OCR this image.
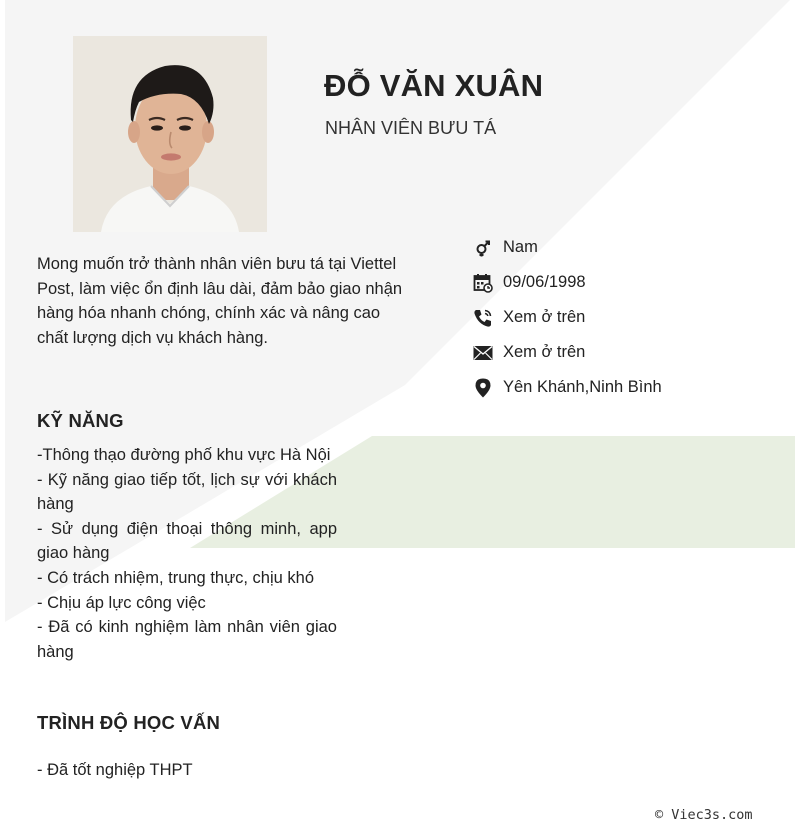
ĐỖ VĂN XUÂN
NHÂN VIÊN BƯU TÁ
Mong muốn trở thành nhân viên bưu tá tại Viettel Post, làm việc ổn định lâu dài, đảm bảo giao nhận hàng hóa nhanh chóng, chính xác và nâng cao chất lượng dịch vụ khách hàng.
Nam
09/06/1998
Xem ở trên
Xem ở trên
Yên Khánh,Ninh Bình
KỸ NĂNG
-Thông thạo đường phố khu vực Hà Nội
- Kỹ năng giao tiếp tốt, lịch sự với khách hàng
- Sử dụng điện thoại thông minh, app giao hàng
- Có trách nhiệm, trung thực, chịu khó
- Chịu áp lực công việc
- Đã có kinh nghiệm làm nhân viên giao hàng
TRÌNH ĐỘ HỌC VẤN
- Đã tốt nghiệp THPT
© Viec3s.com
